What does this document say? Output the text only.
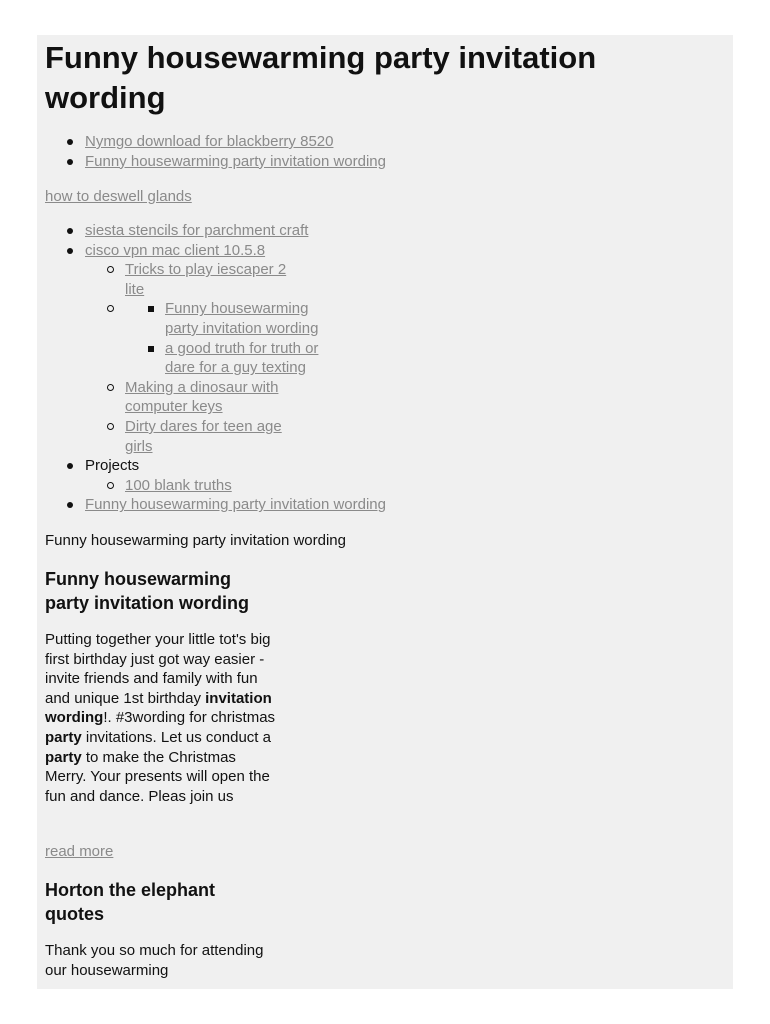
Funny housewarming party invitation wording
Nymgo download for blackberry 8520
Funny housewarming party invitation wording
how to deswell glands
siesta stencils for parchment craft
cisco vpn mac client 10.5.8
Tricks to play iescaper 2 lite
Funny housewarming party invitation wording
a good truth for truth or dare for a guy texting
Making a dinosaur with computer keys
Dirty dares for teen age girls
Projects
100 blank truths
Funny housewarming party invitation wording
Funny housewarming party invitation wording
Funny housewarming party invitation wording

Putting together your little tot's big first birthday just got way easier - invite friends and family with fun and unique 1st birthday invitation wording!. #3wording for christmas party invitations. Let us conduct a party to make the Christmas Merry. Your presents will open the fun and dance. Pleas join us

read more
Horton the elephant quotes

Thank you so much for attending our housewarming
